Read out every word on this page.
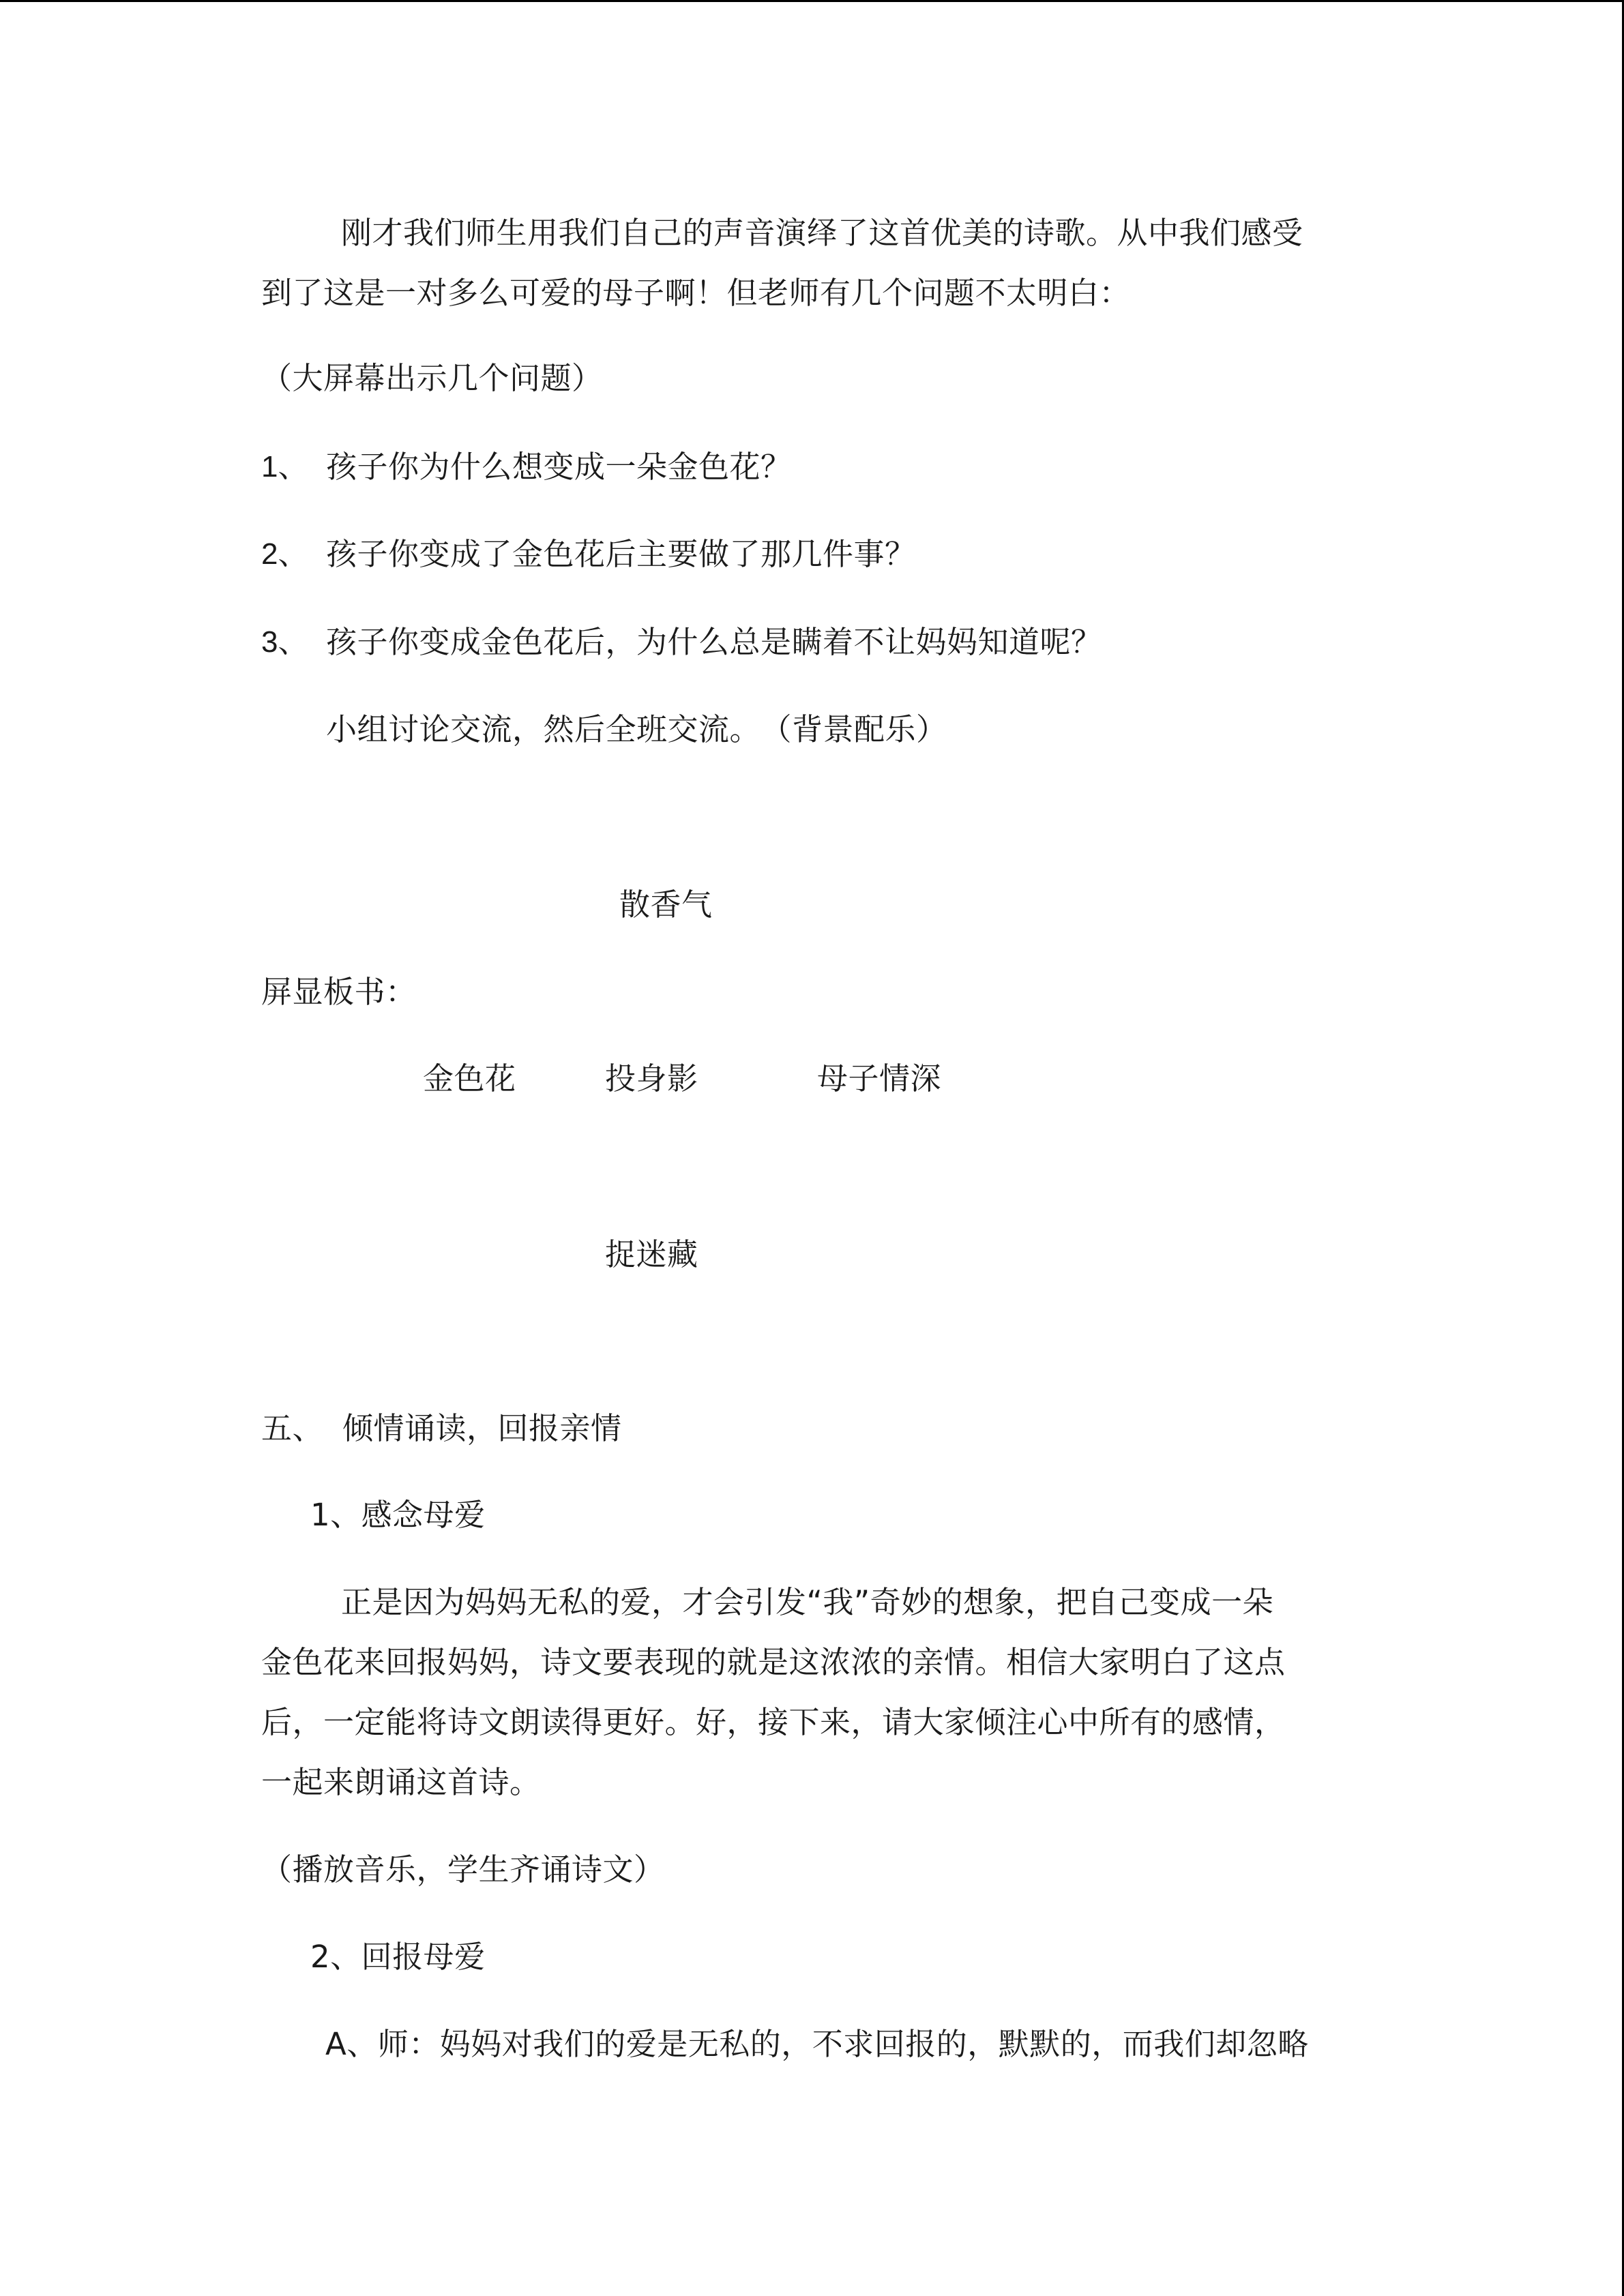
刚才我们师生用我们自己的声音演绎了这首优美的诗歌。从中我们感受
到了这是一对多么可爱的母子啊！但老师有几个问题不太明白：
（大屏幕出示几个问题）
1、 孩子你为什么想变成一朵金色花？
2、 孩子你变成了金色花后主要做了那几件事？
3、 孩子你变成金色花后，为什么总是瞒着不让妈妈知道呢？
小组讨论交流，然后全班交流。　（背景配乐）
散香气
屏显板书：
金色花	投身影	母子情深
捉迷藏
五、 倾情诵读，回报亲情
1、感念母爱
正是因为妈妈无私的爱，才会引发“我”奇妙的想象，把自己变成一朵
金色花来回报妈妈，诗文要表现的就是这浓浓的亲情。相信大家明白了这点
后，一定能将诗文朗读得更好。好，接下来，请大家倾注心中所有的感情，
一起来朗诵这首诗。
（播放音乐，学生齐诵诗文）
2、回报母爱
A、师：妈妈对我们的爱是无私的，不求回报的，默默的，而我们却忽略
